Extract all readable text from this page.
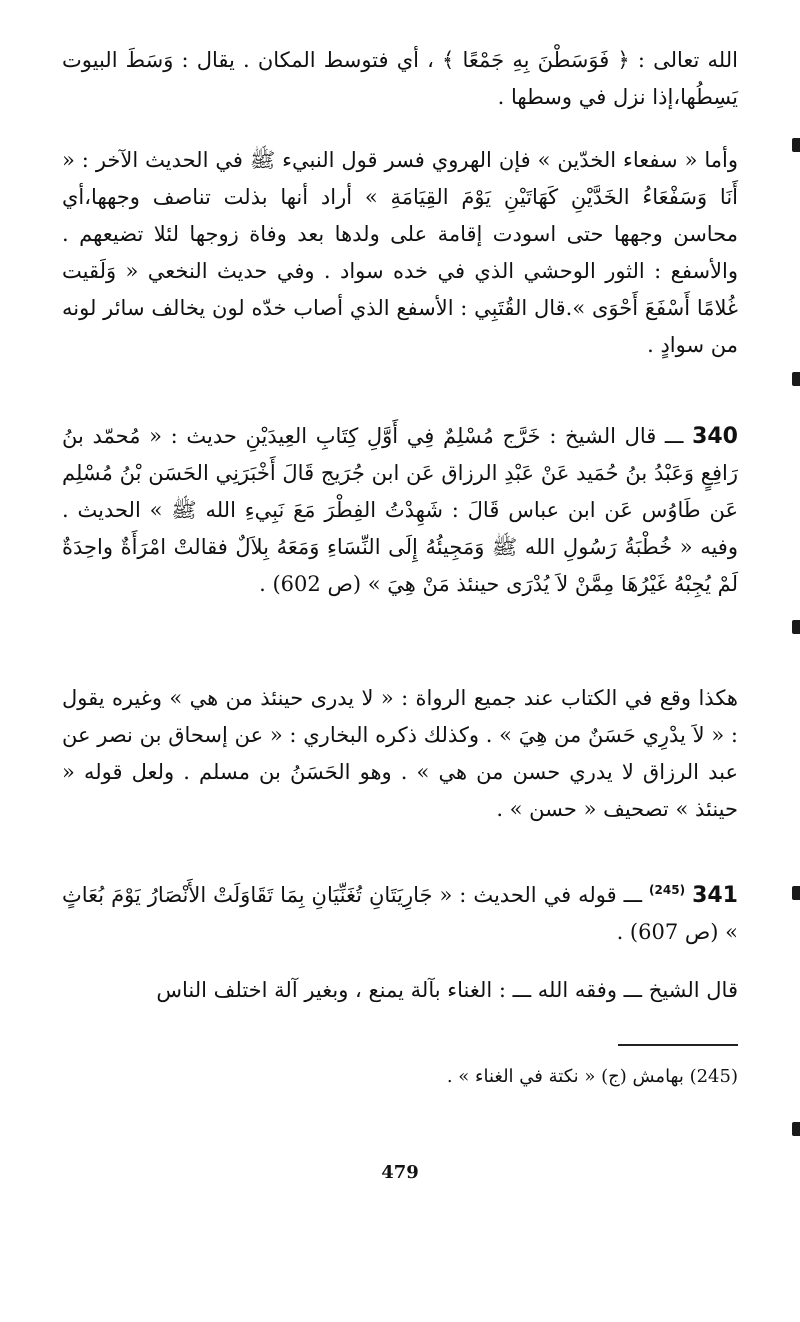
الله تعالى : ﴿ فَوَسَطْنَ بِهِ جَمْعًا ﴾ ، أي فتوسط المكان . يقال : وَسَطَ البيوت يَسِطُها،إذا نزل في وسطها .

وأما « سفعاء الخدّين » فإن الهروي فسر قول النبيء ﷺ في الحديث الآخر : « أَنَا وَسَفْعَاءُ الخَدَّيْنِ كَهَاتَيْنِ يَوْمَ القِيَامَةِ » أراد أنها بذلت تناصف وجهها،أي محاسن وجهها حتى اسودت إقامة على ولدها بعد وفاة زوجها لئلا تضيعهم . والأسفع : الثور الوحشي الذي في خده سواد . وفي حديث النخعي « وَلَقيت غُلامًا أَسْفَعَ أَحْوَى ».قال القُتَبِي : الأسفع الذي أصاب خدّه لون يخالف سائر لونه من سوادٍ .

340 ـــ قال الشيخ : خَرَّج مُسْلِمٌ فِي أَوَّلِ كِتَابِ العِيدَيْنِ حديث : « مُحمّد بنُ رَافِعٍ وَعَبْدُ بنُ حُمَيد عَنْ عَبْدِ الرزاق عَن ابن جُرَيج قَالَ أَخْبَرَنِي الحَسَن بْنُ مُسْلِم عَن طَاوُس عَن ابن عباس قَالَ : شَهِدْتُ الفِطْرَ مَعَ نَبِيءِ الله ﷺ » الحديث . وفيه « خُطْبَةُ رَسُولِ الله ﷺ وَمَجِيئُهُ إِلَى النِّسَاءِ وَمَعَهُ بِلاَلٌ فقالتْ امْرَأَةٌ واحِدَةٌ لَمْ يُجِبْهُ غَيْرُهَا مِمَّنْ لاَ يُدْرَى حينئذ مَنْ هِيَ » (ص 602) .

هكذا وقع في الكتاب عند جميع الرواة : « لا يدرى حينئذ من هي » وغيره يقول : « لاَ يدْرِي حَسَنٌ من هِيَ » . وكذلك ذكره البخاري : « عن إسحاق بن نصر عن عبد الرزاق لا يدري حسن من هي » . وهو الحَسَنُ بن مسلم . ولعل قوله « حينئذ » تصحيف « حسن » .

341 $^{(245)}$ ـــ قوله في الحديث : « جَارِيَتَانِ تُغَنِّيَانِ بِمَا تَقَاوَلَتْ الأَنْصَارُ يَوْمَ بُعَاثٍ » (ص 607) .

قال الشيخ ـــ وفقه الله ـــ : الغناء بآلة يمنع ، وبغير آلة اختلف الناس

(245) بهامش (ج) « نكتة في الغناء » .
479
